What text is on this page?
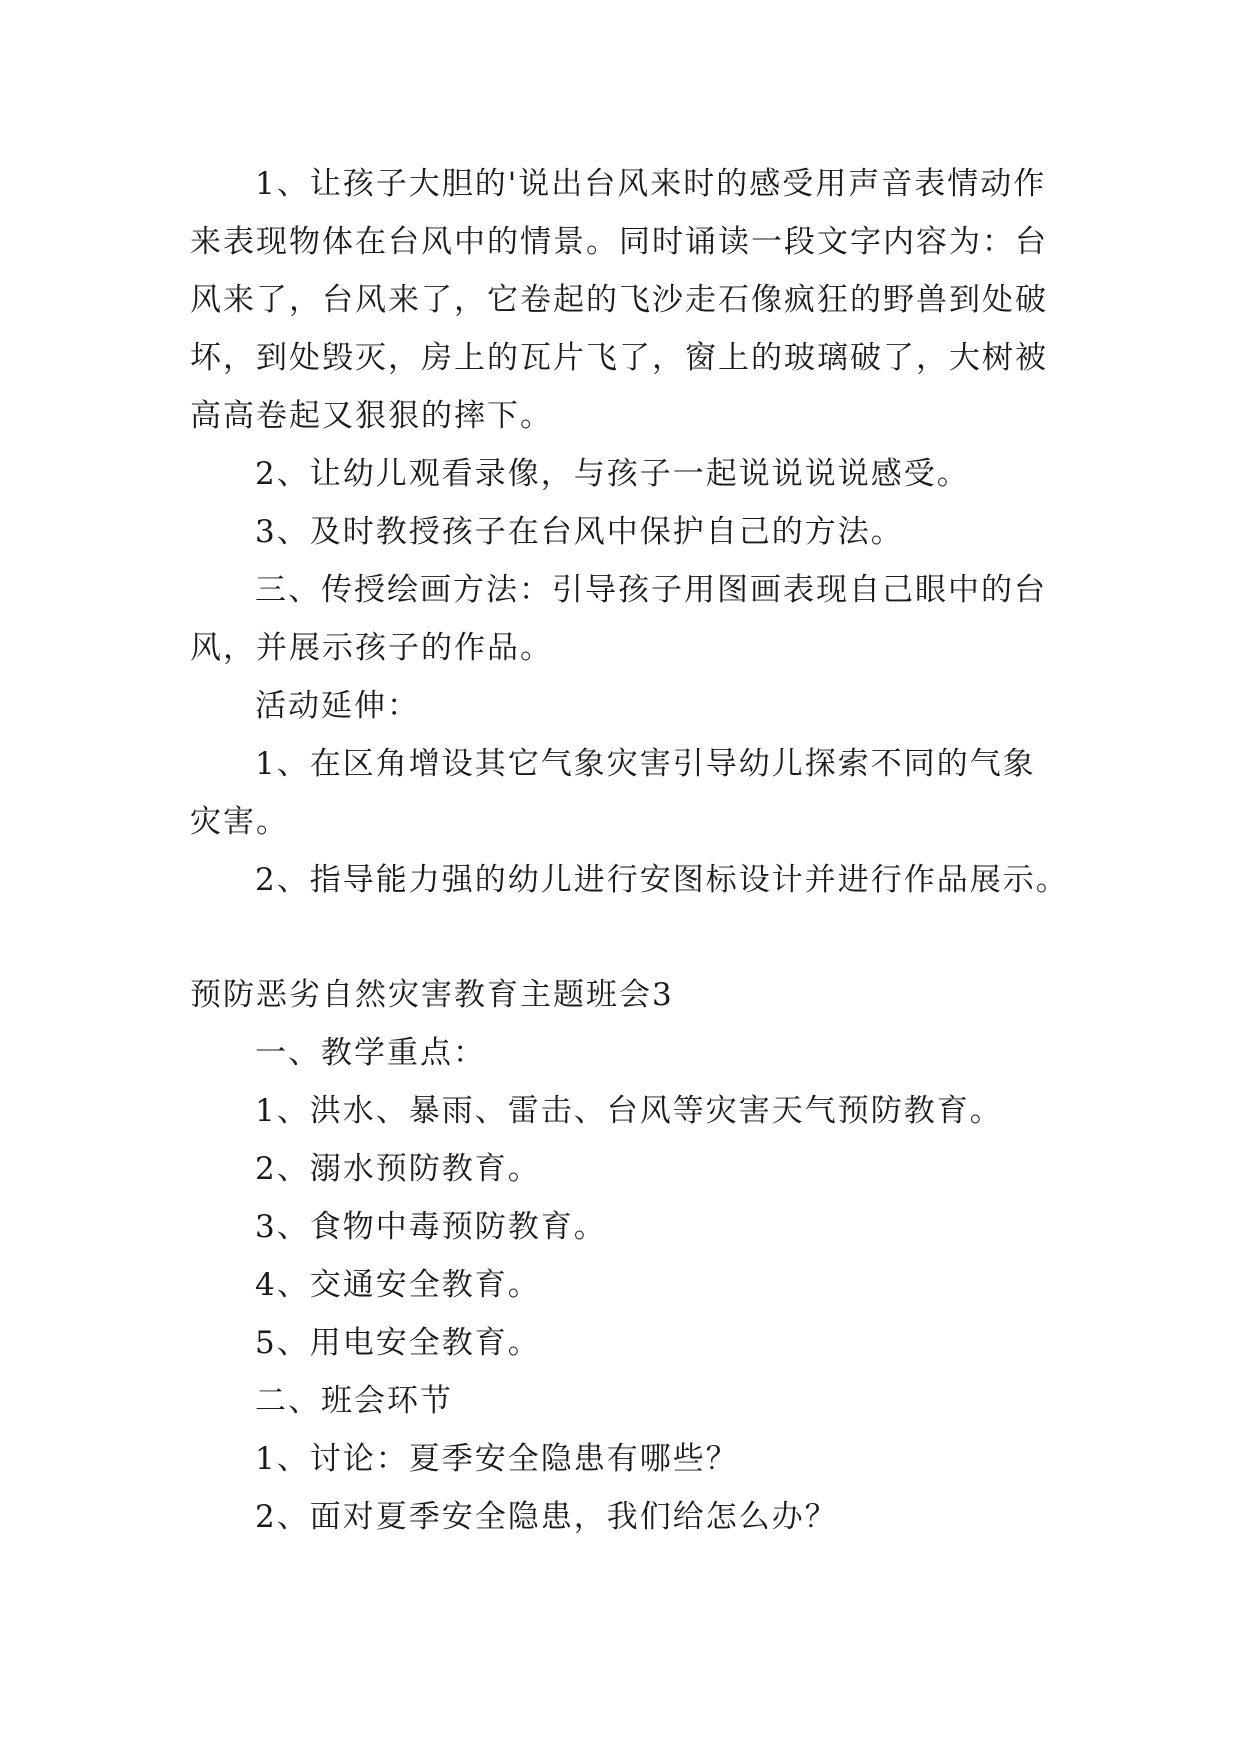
1、让孩子大胆的'说出台风来时的感受用声音表情动作
来表现物体在台风中的情景。同时诵读一段文字内容为：台
风来了，台风来了，它卷起的飞沙走石像疯狂的野兽到处破
坏，到处毁灭，房上的瓦片飞了，窗上的玻璃破了，大树被
高高卷起又狠狠的摔下。
2、让幼儿观看录像，与孩子一起说说说说感受。
3、及时教授孩子在台风中保护自己的方法。
三、传授绘画方法：引导孩子用图画表现自己眼中的台
风，并展示孩子的作品。
活动延伸：
1、在区角增设其它气象灾害引导幼儿探索不同的气象
灾害。
2、指导能力强的幼儿进行安图标设计并进行作品展示。
预防恶劣自然灾害教育主题班会3
一、教学重点：
1、洪水、暴雨、雷击、台风等灾害天气预防教育。
2、溺水预防教育。
3、食物中毒预防教育。
4、交通安全教育。
5、用电安全教育。
二、班会环节
1、讨论：夏季安全隐患有哪些？
2、面对夏季安全隐患，我们给怎么办？
